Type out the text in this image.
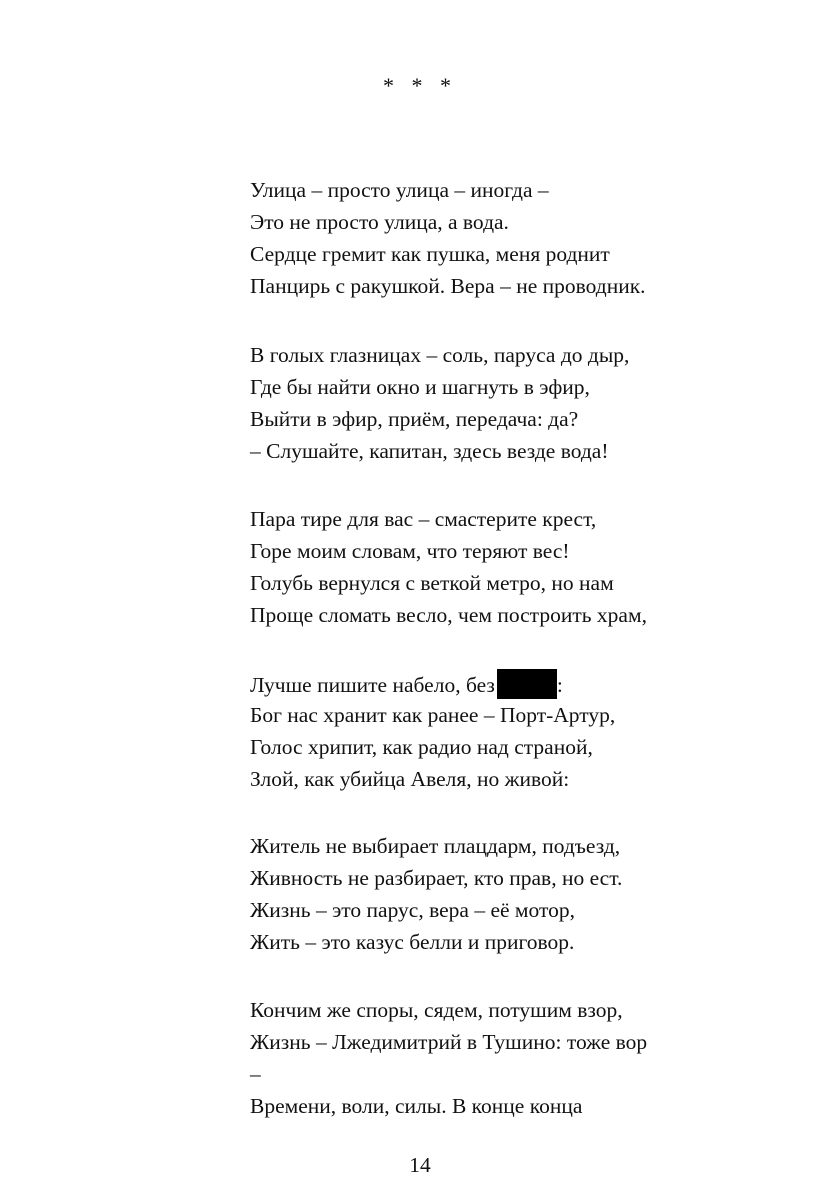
* * *
Улица – просто улица – иногда –
Это не просто улица, а вода.
Сердце гремит как пушка, меня роднит
Панцирь с ракушкой. Вера – не проводник.
В голых глазницах – соль, паруса до дыр,
Где бы найти окно и шагнуть в эфир,
Выйти в эфир, приём, передача: да?
– Слушайте, капитан, здесь везде вода!
Пара тире для вас – смастерите крест,
Горе моим словам, что теряют вес!
Голубь вернулся с веткой метро, но нам
Проще сломать весло, чем построить храм,
Лучше пишите набело, без	:
Бог нас хранит как ранее – Порт-Артур,
Голос хрипит, как радио над страной,
Злой, как убийца Авеля, но живой:
Житель не выбирает плацдарм, подъезд,
Живность не разбирает, кто прав, но ест.
Жизнь – это парус, вера – её мотор,
Жить – это казус белли и приговор.
Кончим же споры, сядем, потушим взор,
Жизнь – Лжедимитрий в Тушино: тоже вор
–
Времени, воли, силы. В конце конца
14
